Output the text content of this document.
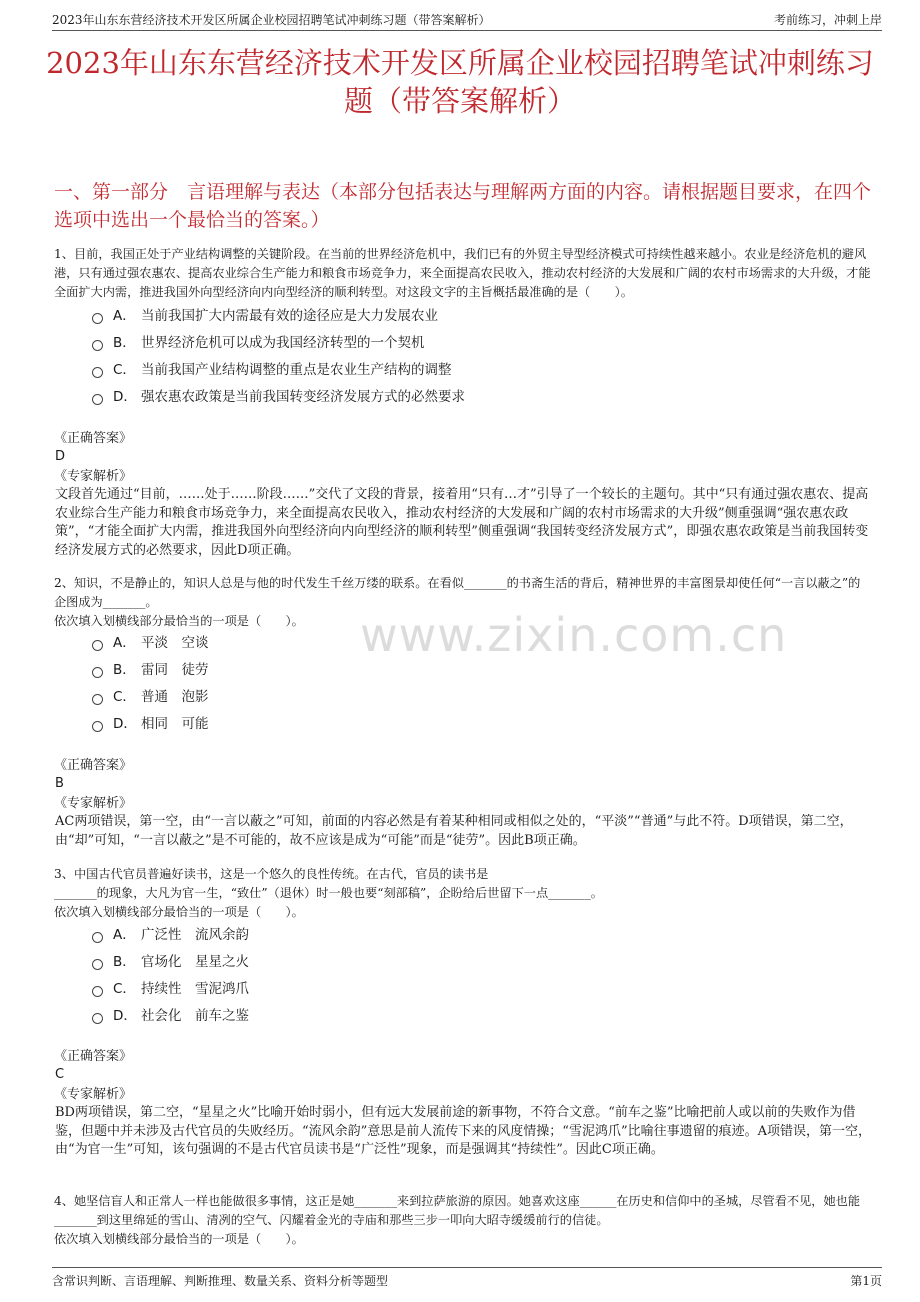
2023年山东东营经济技术开发区所属企业校园招聘笔试冲刺练习题（带答案解析）	考前练习，冲刺上岸
2023年山东东营经济技术开发区所属企业校园招聘笔试冲刺练习题（带答案解析）
一、第一部分　言语理解与表达（本部分包括表达与理解两方面的内容。请根据题目要求，在四个选项中选出一个最恰当的答案。）
www.zixin.com.cn
1、目前，我国正处于产业结构调整的关键阶段。在当前的世界经济危机中，我们已有的外贸主导型经济模式可持续性越来越小。农业是经济危机的避风港，只有通过强农惠农、提高农业综合生产能力和粮食市场竞争力，来全面提高农民收入，推动农村经济的大发展和广阔的农村市场需求的大升级，才能全面扩大内需，推进我国外向型经济向内向型经济的顺利转型。对这段文字的主旨概括最准确的是（　　）。
A． 当前我国扩大内需最有效的途径应是大力发展农业
B． 世界经济危机可以成为我国经济转型的一个契机
C． 当前我国产业结构调整的重点是农业生产结构的调整
D． 强农惠农政策是当前我国转变经济发展方式的必然要求
《正确答案》
D
《专家解析》
文段首先通过“目前，……处于……阶段……”交代了文段的背景，接着用“只有…才”引导了一个较长的主题句。其中“只有通过强农惠农、提高农业综合生产能力和粮食市场竞争力，来全面提高农民收入，推动农村经济的大发展和广阔的农村市场需求的大升级”侧重强调“强农惠农政策”，“才能全面扩大内需，推进我国外向型经济向内向型经济的顺利转型”侧重强调“我国转变经济发展方式”，即强农惠农政策是当前我国转变经济发展方式的必然要求，因此D项正确。
2、知识，不是静止的，知识人总是与他的时代发生千丝万缕的联系。在看似_______的书斋生活的背后，精神世界的丰富图景却使任何“一言以蔽之”的企图成为_______。
依次填入划横线部分最恰当的一项是（　　）。
A． 平淡　空谈
B． 雷同　徒劳
C． 普通　泡影
D． 相同　可能
《正确答案》
B
《专家解析》
AC两项错误，第一空，由“一言以蔽之”可知，前面的内容必然是有着某种相同或相似之处的，“平淡”“普通”与此不符。D项错误，第二空，由“却”可知，“一言以蔽之”是不可能的，故不应该是成为“可能”而是“徒劳”。因此B项正确。
3、中国古代官员普遍好读书，这是一个悠久的良性传统。在古代，官员的读书是
_______的现象，大凡为官一生，“致仕”（退休）时一般也要“刻部稿”，企盼给后世留下一点_______。
依次填入划横线部分最恰当的一项是（　　）。
A． 广泛性　流风余韵
B． 官场化　星星之火
C． 持续性　雪泥鸿爪
D． 社会化　前车之鉴
《正确答案》
C
《专家解析》
BD两项错误，第二空，“星星之火”比喻开始时弱小，但有远大发展前途的新事物，不符合文意。“前车之鉴”比喻把前人或以前的失败作为借鉴，但题中并未涉及古代官员的失败经历。“流风余韵”意思是前人流传下来的风度情操；“雪泥鸿爪”比喻往事遗留的痕迹。A项错误，第一空，由“为官一生”可知，该句强调的不是古代官员读书是“广泛性”现象，而是强调其“持续性”。因此C项正确。
4、她坚信盲人和正常人一样也能做很多事情，这正是她_______来到拉萨旅游的原因。她喜欢这座______在历史和信仰中的圣城，尽管看不见，她也能_______到这里绵延的雪山、清冽的空气、闪耀着金光的寺庙和那些三步一叩向大昭寺缓缓前行的信徒。
依次填入划横线部分最恰当的一项是（　　）。
含常识判断、言语理解、判断推理、数量关系、资料分析等题型	第1页
